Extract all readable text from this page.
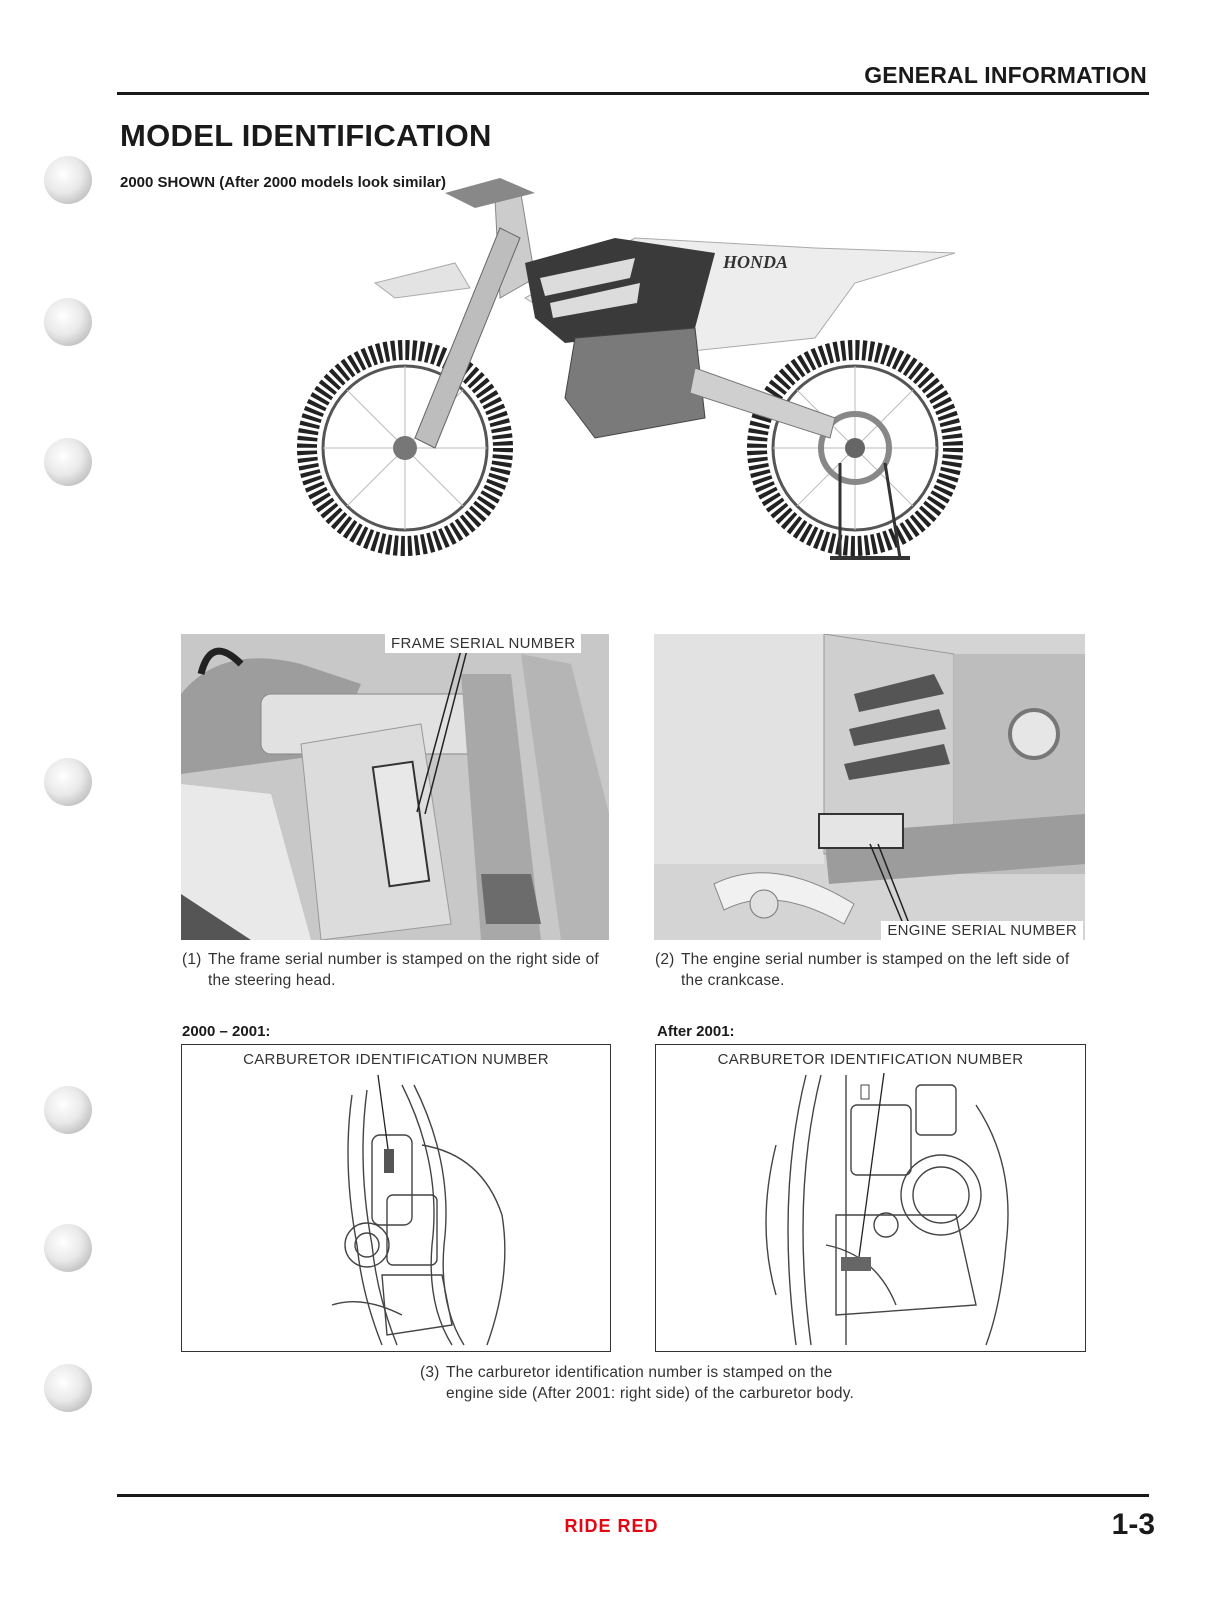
GENERAL INFORMATION
MODEL IDENTIFICATION
2000 SHOWN (After 2000 models look similar)
HONDA
FRAME SERIAL NUMBER
ENGINE SERIAL NUMBER
(1) The frame serial number is stamped on the right side of the steering head.
(2) The engine serial number is stamped on the left side of the crankcase.
2000 – 2001:	After 2001:
CARBURETOR IDENTIFICATION NUMBER	CARBURETOR IDENTIFICATION NUMBER
(3) The carburetor identification number is stamped on the engine side (After 2001: right side) of the carburetor body.
RIDE RED	1-3
